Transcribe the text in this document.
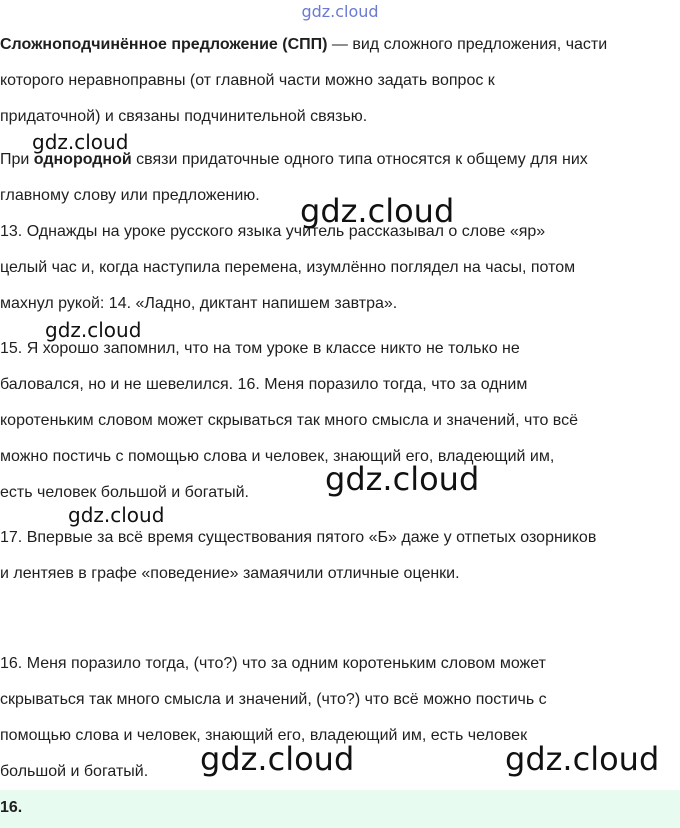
gdz.cloud
Сложноподчинённое предложение (СПП) — вид сложного предложения, части
которого неравноправны (от главной части можно задать вопрос к
придаточной) и связаны подчинительной связью.
При однородной связи придаточные одного типа относятся к общему для них
главному слову или предложению.
13. Однажды на уроке русского языка учитель рассказывал о слове «яр»
целый час и, когда наступила перемена, изумлённо поглядел на часы, потом
махнул рукой: 14. «Ладно, диктант напишем завтра».
15. Я хорошо запомнил, что на том уроке в классе никто не только не
баловался, но и не шевелился. 16. Меня поразило тогда, что за одним
коротеньким словом может скрываться так много смысла и значений, что всё
можно постичь с помощью слова и человек, знающий его, владеющий им,
есть человек большой и богатый.
17. Впервые за всё время существования пятого «Б» даже у отпетых озорников
и лентяев в графе «поведение» замаячили отличные оценки.
16. Меня поразило тогда, (что?) что за одним коротеньким словом может
скрываться так много смысла и значений, (что?) что всё можно постичь с
помощью слова и человек, знающий его, владеющий им, есть человек
большой и богатый.
gdz.cloud
gdz.cloud
gdz.cloud
gdz.cloud
gdz.cloud
gdz.cloud	gdz.cloud
16.
